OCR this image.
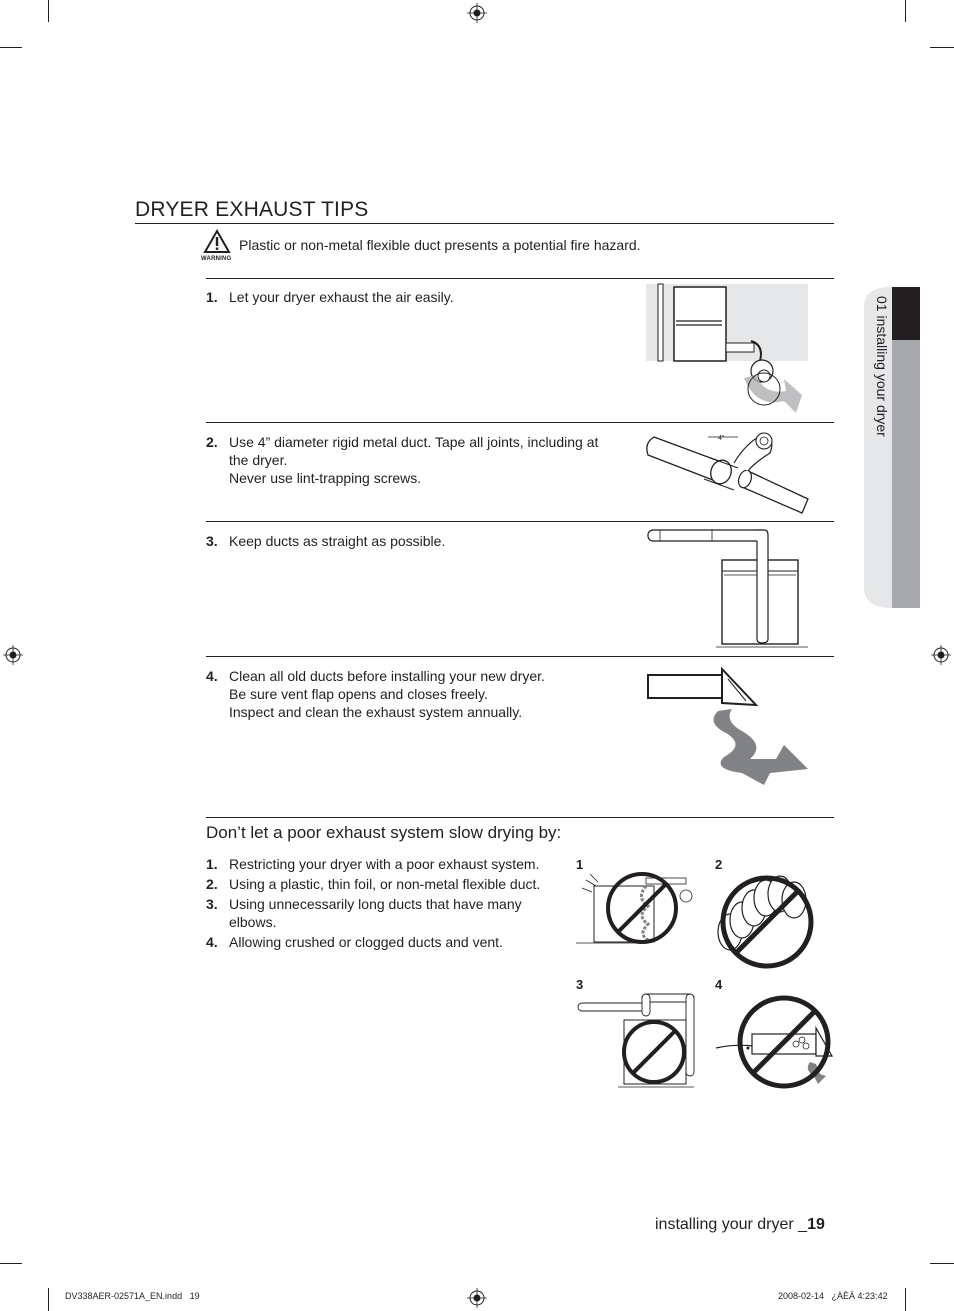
DRYER EXHAUST TIPS
WARNING
Plastic or non-metal flexible duct presents a potential fire hazard.
1. Let your dryer exhaust the air easily.
2. Use 4” diameter rigid metal duct. Tape all joints, including at
the dryer.
Never use lint-trapping screws.
4"
3. Keep ducts as straight as possible.
4. Clean all old ducts before installing your new dryer.
Be sure vent flap opens and closes freely.
Inspect and clean the exhaust system annually.
Don’t let a poor exhaust system slow drying by:
1. Restricting your dryer with a poor exhaust system.
2. Using a plastic, thin foil, or non-metal flexible duct.
3. Using unnecessarily long ducts that have many elbows.
4. Allowing crushed or clogged ducts and vent.
1	2
3	4
01 installing your dryer
installing your dryer _19
DV338AER-02571A_EN.indd   19	2008-02-14   ¿ÀÈÄ 4:23:42
